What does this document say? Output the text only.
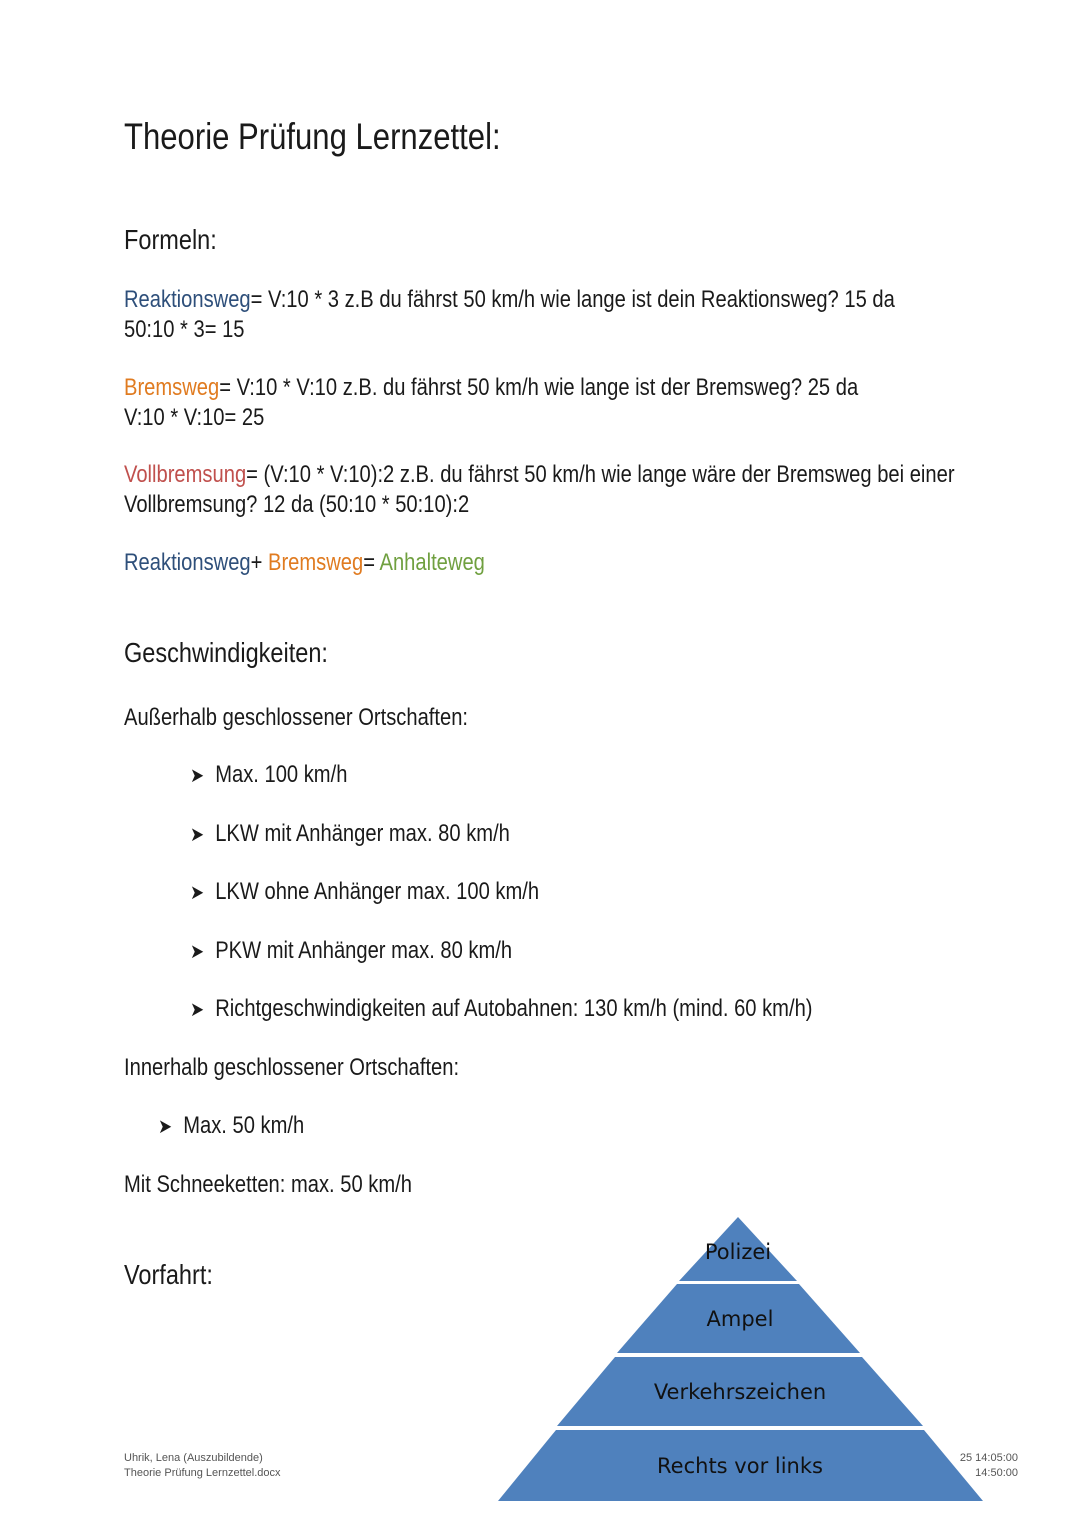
Theorie Prüfung Lernzettel:
Formeln:
Reaktionsweg= V:10 * 3 z.B du fährst 50 km/h wie lange ist dein Reaktionsweg? 15 da
50:10 * 3= 15
Bremsweg= V:10 * V:10 z.B. du fährst 50 km/h wie lange ist der Bremsweg? 25 da
V:10 * V:10= 25
Vollbremsung= (V:10 * V:10):2 z.B. du fährst 50 km/h wie lange wäre der Bremsweg bei einer
Vollbremsung? 12 da (50:10 * 50:10):2
Reaktionsweg+ Bremsweg= Anhalteweg
Geschwindigkeiten:
Außerhalb geschlossener Ortschaften:
➤ Max. 100 km/h
➤ LKW mit Anhänger max. 80 km/h
➤ LKW ohne Anhänger max. 100 km/h
➤ PKW mit Anhänger max. 80 km/h
➤ Richtgeschwindigkeiten auf Autobahnen: 130 km/h (mind. 60 km/h)
Innerhalb geschlossener Ortschaften:
➤ Max. 50 km/h
Mit Schneeketten: max. 50 km/h
Vorfahrt:
Polizei
Ampel
Verkehrszeichen
Rechts vor links
Uhrik, Lena (Auszubildende)
Theorie Prüfung Lernzettel.docx
25 14:05:00
14:50:00
